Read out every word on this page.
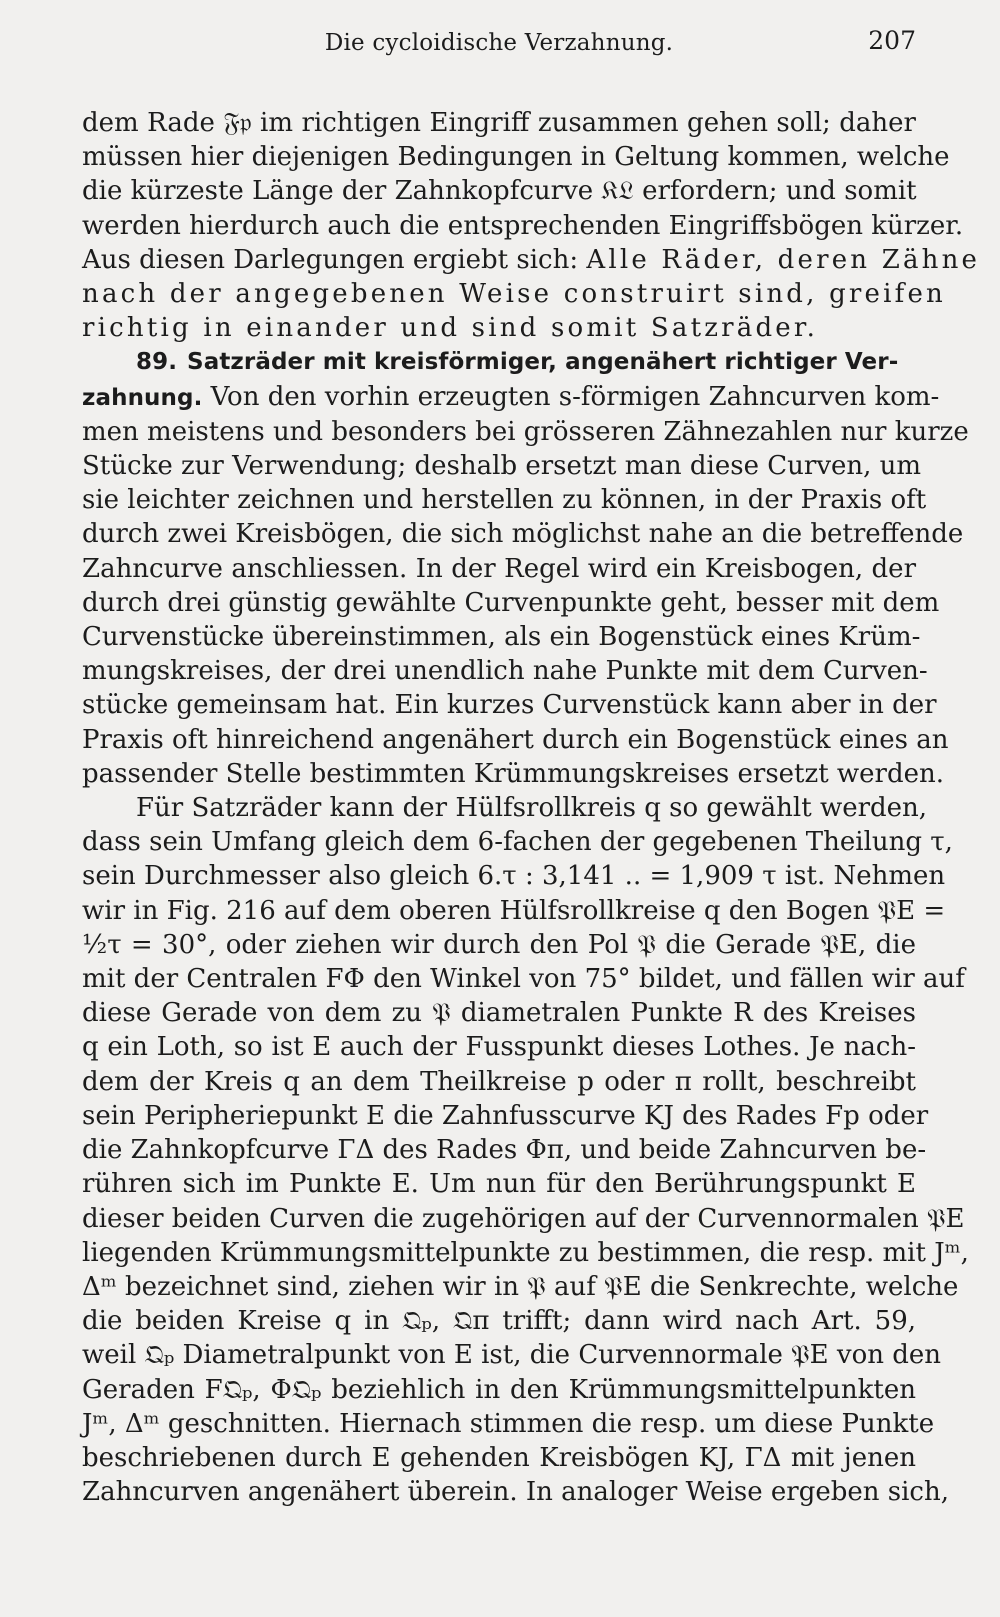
Die cycloidische Verzahnung.	207
dem Rade 𝔉𝔭 im richtigen Eingriff zusammen gehen soll; daher
müssen hier diejenigen Bedingungen in Geltung kommen, welche
die kürzeste Länge der Zahnkopfcurve 𝔎𝔏 erfordern; und somit
werden hierdurch auch die entsprechenden Eingriffsbögen kürzer.
Aus diesen Darlegungen ergiebt sich: Alle Räder, deren Zähne
nach der angegebenen Weise construirt sind, greifen
richtig in einander und sind somit Satzräder.
89. Satzräder mit kreisförmiger, angenähert richtiger Ver-
zahnung. Von den vorhin erzeugten s-förmigen Zahncurven kom-
men meistens und besonders bei grösseren Zähnezahlen nur kurze
Stücke zur Verwendung; deshalb ersetzt man diese Curven, um
sie leichter zeichnen und herstellen zu können, in der Praxis oft
durch zwei Kreisbögen, die sich möglichst nahe an die betreffende
Zahncurve anschliessen. In der Regel wird ein Kreisbogen, der
durch drei günstig gewählte Curvenpunkte geht, besser mit dem
Curvenstücke übereinstimmen, als ein Bogenstück eines Krüm-
mungskreises, der drei unendlich nahe Punkte mit dem Curven-
stücke gemeinsam hat. Ein kurzes Curvenstück kann aber in der
Praxis oft hinreichend angenähert durch ein Bogenstück eines an
passender Stelle bestimmten Krümmungskreises ersetzt werden.
Für Satzräder kann der Hülfsrollkreis q so gewählt werden,
dass sein Umfang gleich dem 6-fachen der gegebenen Theilung τ,
sein Durchmesser also gleich 6.τ : 3,141 .. = 1,909 τ ist. Nehmen
wir in Fig. 216 auf dem oberen Hülfsrollkreise q den Bogen 𝔓E =
½τ = 30°, oder ziehen wir durch den Pol 𝔓 die Gerade 𝔓E, die
mit der Centralen FΦ den Winkel von 75° bildet, und fällen wir auf
diese Gerade von dem zu 𝔓 diametralen Punkte R des Kreises
q ein Loth, so ist E auch der Fusspunkt dieses Lothes. Je nach-
dem der Kreis q an dem Theilkreise p oder π rollt, beschreibt
sein Peripheriepunkt E die Zahnfusscurve KJ des Rades Fp oder
die Zahnkopfcurve ΓΔ des Rades Φπ, und beide Zahncurven be-
rühren sich im Punkte E. Um nun für den Berührungspunkt E
dieser beiden Curven die zugehörigen auf der Curvennormalen 𝔓E
liegenden Krümmungsmittelpunkte zu bestimmen, die resp. mit Jᵐ,
Δᵐ bezeichnet sind, ziehen wir in 𝔓 auf 𝔓E die Senkrechte, welche
die beiden Kreise q in 𝔔ₚ, 𝔔π trifft; dann wird nach Art. 59,
weil 𝔔ₚ Diametralpunkt von E ist, die Curvennormale 𝔓E von den
Geraden F𝔔ₚ, Φ𝔔ₚ beziehlich in den Krümmungsmittelpunkten
Jᵐ, Δᵐ geschnitten. Hiernach stimmen die resp. um diese Punkte
beschriebenen durch E gehenden Kreisbögen KJ, ΓΔ mit jenen
Zahncurven angenähert überein. In analoger Weise ergeben sich,
